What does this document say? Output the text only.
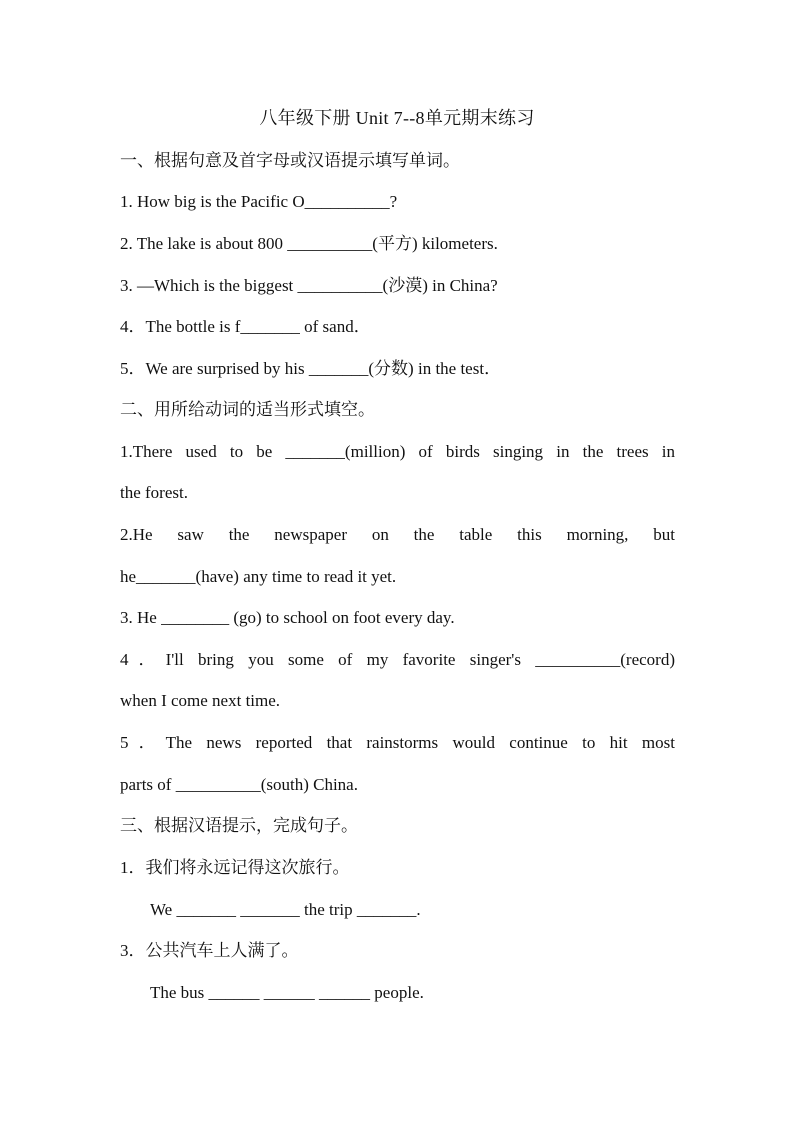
八年级下册 Unit 7--8单元期末练习
一、根据句意及首字母或汉语提示填写单词。
1. How big is the Pacific O__________?
2. The lake is about 800 __________(平方) kilometers.
3. —Which is the biggest __________(沙漠) in China?
4．The bottle is f_______ of sand．
5．We are surprised by his _______(分数) in the test．
二、用所给动词的适当形式填空。
1.There used to be _______(million) of birds singing in the trees in
the forest.
2.He saw the newspaper on the table this morning, but
he_______(have) any time to read it yet.
3. He ________ (go) to school on foot every day.
4．I'll bring you some of my favorite singer's __________(record)
when I come next time.
5．The news reported that rainstorms would continue to hit most
parts of __________(south) China.
三、根据汉语提示，完成句子。
1．我们将永远记得这次旅行。
We _______ _______ the trip _______.
3．公共汽车上人满了。
The bus ______ ______ ______ people.
